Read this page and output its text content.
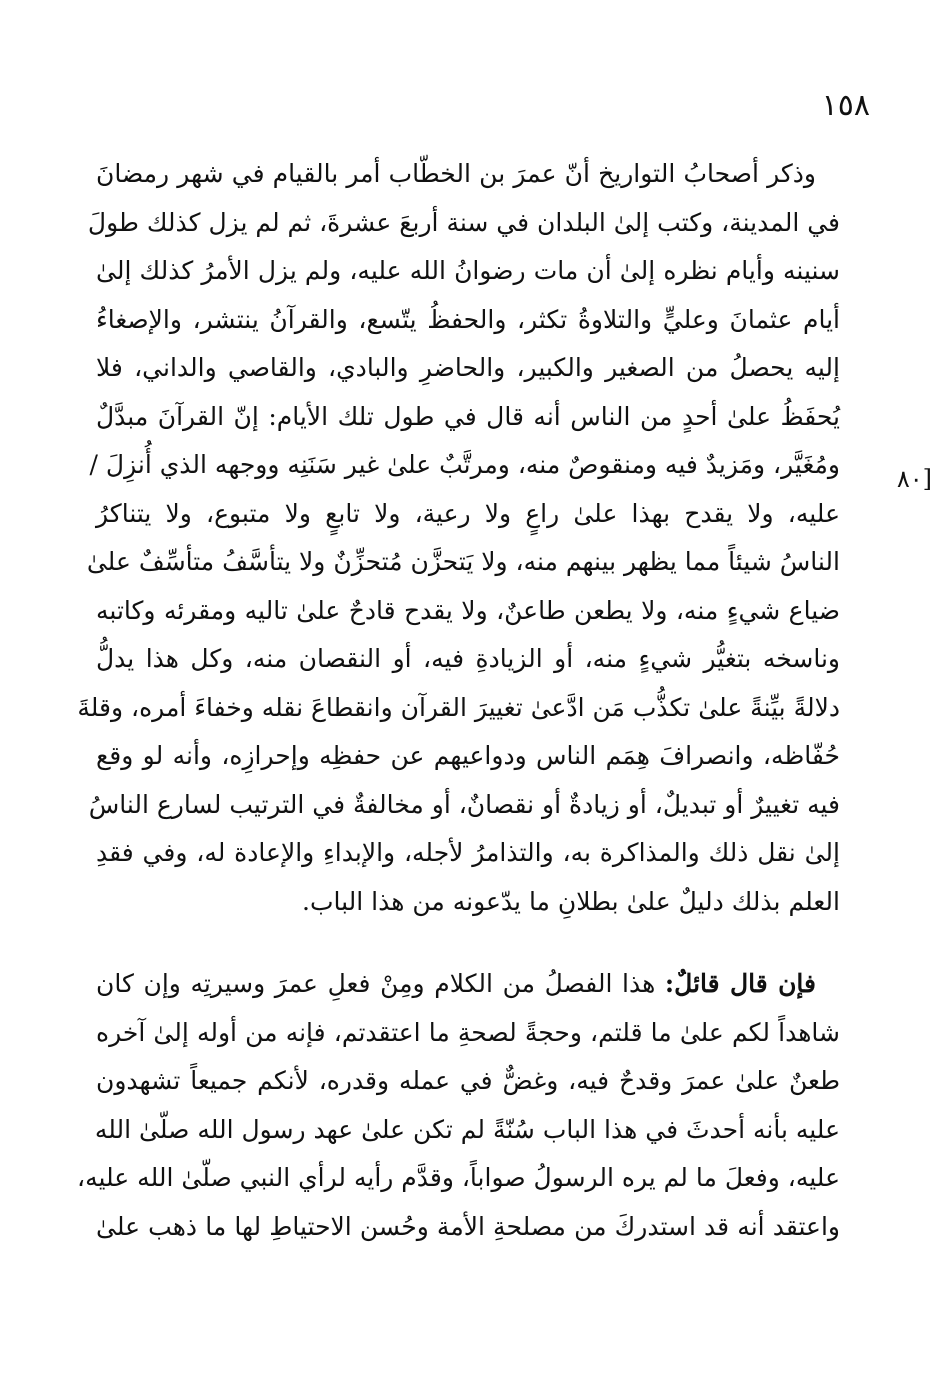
١٥٨
[٨٠
وذكر أصحابُ التواريخ أنّ عمرَ بن الخطّاب أمر بالقيام في شهر رمضانَ
في المدينة، وكتب إلىٰ البلدان في سنة أربعَ عشرةَ، ثم لم يزل كذلك طولَ
سنينه وأيام نظره إلىٰ أن مات رضوانُ الله عليه، ولم يزل الأمرُ كذلك إلىٰ
أيام عثمانَ وعليٍّ والتلاوةُ تكثر، والحفظُ يتّسع، والقرآنُ ينتشر، والإصغاءُ
إليه يحصلُ من الصغير والكبير، والحاضرِ والبادي، والقاصي والداني، فلا
يُحفَظُ علىٰ أحدٍ من الناس أنه قال في طول تلك الأيام: إنّ القرآنَ مبدَّلٌ
ومُغَيَّر، ومَزيدٌ فيه ومنقوصٌ منه، ومرتَّبٌ علىٰ غير سَنَنِه ووجهه الذي أُنزِلَ /
عليه، ولا يقدح بهذا علىٰ راعٍ ولا رعية، ولا تابعٍ ولا متبوع، ولا يتناكرُ
الناسُ شيئاً مما يظهر بينهم منه، ولا يَتحزَّن مُتحزِّنٌ ولا يتأسَّفُ متأسِّفٌ علىٰ
ضياع شيءٍ منه، ولا يطعن طاعنٌ، ولا يقدح قادحٌ علىٰ تاليه ومقرئه وكاتبه
وناسخه بتغيُّر شيءٍ منه، أو الزيادةِ فيه، أو النقصان منه، وكل هذا يدلُّ
دلالةً بيِّنةً علىٰ تكذُّب مَن ادَّعىٰ تغييرَ القرآن وانقطاعَ نقله وخفاءَ أمره، وقلةَ
حُفّاظه، وانصرافَ هِمَم الناس ودواعيهم عن حفظِه وإحرازِه، وأنه لو وقع
فيه تغييرٌ أو تبديلٌ، أو زيادةٌ أو نقصانٌ، أو مخالفةٌ في الترتيب لسارع الناسُ
إلىٰ نقل ذلك والمذاكرة به، والتذامرُ لأجله، والإبداءِ والإعادة له، وفي فقدِ
العلم بذلك دليلٌ علىٰ بطلانِ ما يدّعونه من هذا الباب.
فإن قال قائلٌ: هذا الفصلُ من الكلام ومِنْ فعلِ عمرَ وسيرتِه وإن كان
شاهداً لكم علىٰ ما قلتم، وحجةً لصحةِ ما اعتقدتم، فإنه من أوله إلىٰ آخره
طعنٌ علىٰ عمرَ وقدحٌ فيه، وغضٌّ في عمله وقدره، لأنكم جميعاً تشهدون
عليه بأنه أحدثَ في هذا الباب سُنّةً لم تكن علىٰ عهد رسول الله صلّىٰ الله
عليه، وفعلَ ما لم يره الرسولُ صواباً، وقدَّم رأيه لرأي النبي صلّىٰ الله عليه،
واعتقد أنه قد استدركَ من مصلحةِ الأمة وحُسن الاحتياطِ لها ما ذهب علىٰ
